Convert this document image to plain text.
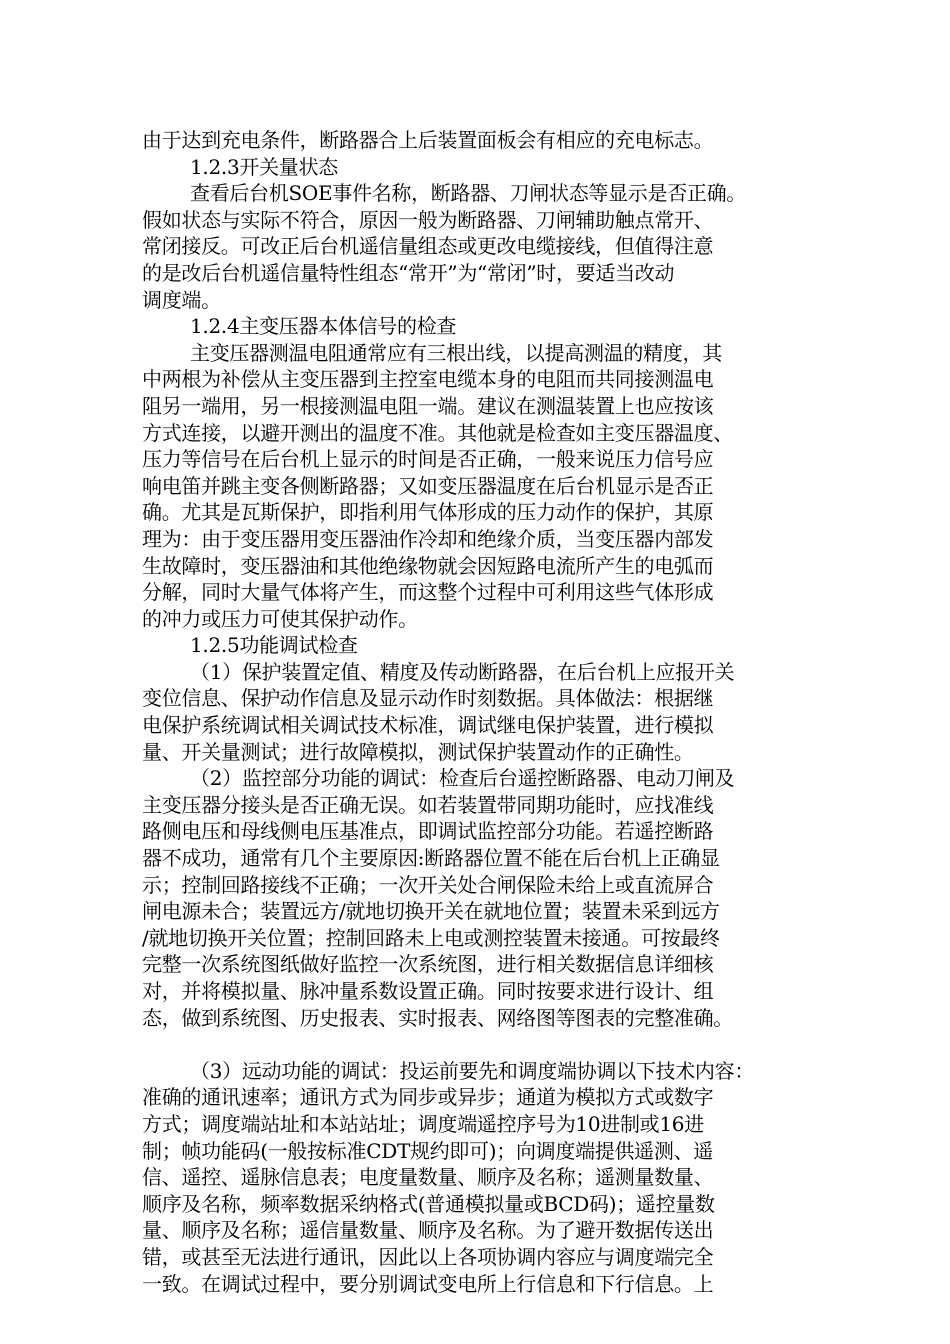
由于达到充电条件，断路器合上后装置面板会有相应的充电标志。
1.2.3开关量状态
查看后台机SOE事件名称，断路器、刀闸状态等显示是否正确。
假如状态与实际不符合，原因一般为断路器、刀闸辅助触点常开、
常闭接反。可改正后台机遥信量组态或更改电缆接线，但值得注意
的是改后台机遥信量特性组态“常开”为“常闭”时，要适当改动
调度端。
1.2.4主变压器本体信号的检查
主变压器测温电阻通常应有三根出线，以提高测温的精度，其
中两根为补偿从主变压器到主控室电缆本身的电阻而共同接测温电
阻另一端用，另一根接测温电阻一端。建议在测温装置上也应按该
方式连接，以避开测出的温度不准。其他就是检查如主变压器温度、
压力等信号在后台机上显示的时间是否正确，一般来说压力信号应
响电笛并跳主变各侧断路器；又如变压器温度在后台机显示是否正
确。尤其是瓦斯保护，即指利用气体形成的压力动作的保护，其原
理为：由于变压器用变压器油作冷却和绝缘介质，当变压器内部发
生故障时，变压器油和其他绝缘物就会因短路电流所产生的电弧而
分解，同时大量气体将产生，而这整个过程中可利用这些气体形成
的冲力或压力可使其保护动作。
1.2.5功能调试检查
（1）保护装置定值、精度及传动断路器，在后台机上应报开关
变位信息、保护动作信息及显示动作时刻数据。具体做法：根据继
电保护系统调试相关调试技术标准，调试继电保护装置，进行模拟
量、开关量测试；进行故障模拟，测试保护装置动作的正确性。
（2）监控部分功能的调试：检查后台遥控断路器、电动刀闸及
主变压器分接头是否正确无误。如若装置带同期功能时，应找准线
路侧电压和母线侧电压基准点，即调试监控部分功能。若遥控断路
器不成功，通常有几个主要原因:断路器位置不能在后台机上正确显
示；控制回路接线不正确；一次开关处合闸保险未给上或直流屏合
闸电源未合；装置远方/就地切换开关在就地位置；装置未采到远方
/就地切换开关位置；控制回路未上电或测控装置未接通。可按最终
完整一次系统图纸做好监控一次系统图，进行相关数据信息详细核
对，并将模拟量、脉冲量系数设置正确。同时按要求进行设计、组
态，做到系统图、历史报表、实时报表、网络图等图表的完整准确。
（3）远动功能的调试：投运前要先和调度端协调以下技术内容：
准确的通讯速率；通讯方式为同步或异步；通道为模拟方式或数字
方式；调度端站址和本站站址；调度端遥控序号为10进制或16进
制；帧功能码(一般按标准CDT规约即可)；向调度端提供遥测、遥
信、遥控、遥脉信息表；电度量数量、顺序及名称；遥测量数量、
顺序及名称，频率数据采纳格式(普通模拟量或BCD码)；遥控量数
量、顺序及名称；遥信量数量、顺序及名称。为了避开数据传送出
错，或甚至无法进行通讯，因此以上各项协调内容应与调度端完全
一致。在调试过程中，要分别调试变电所上行信息和下行信息。上
